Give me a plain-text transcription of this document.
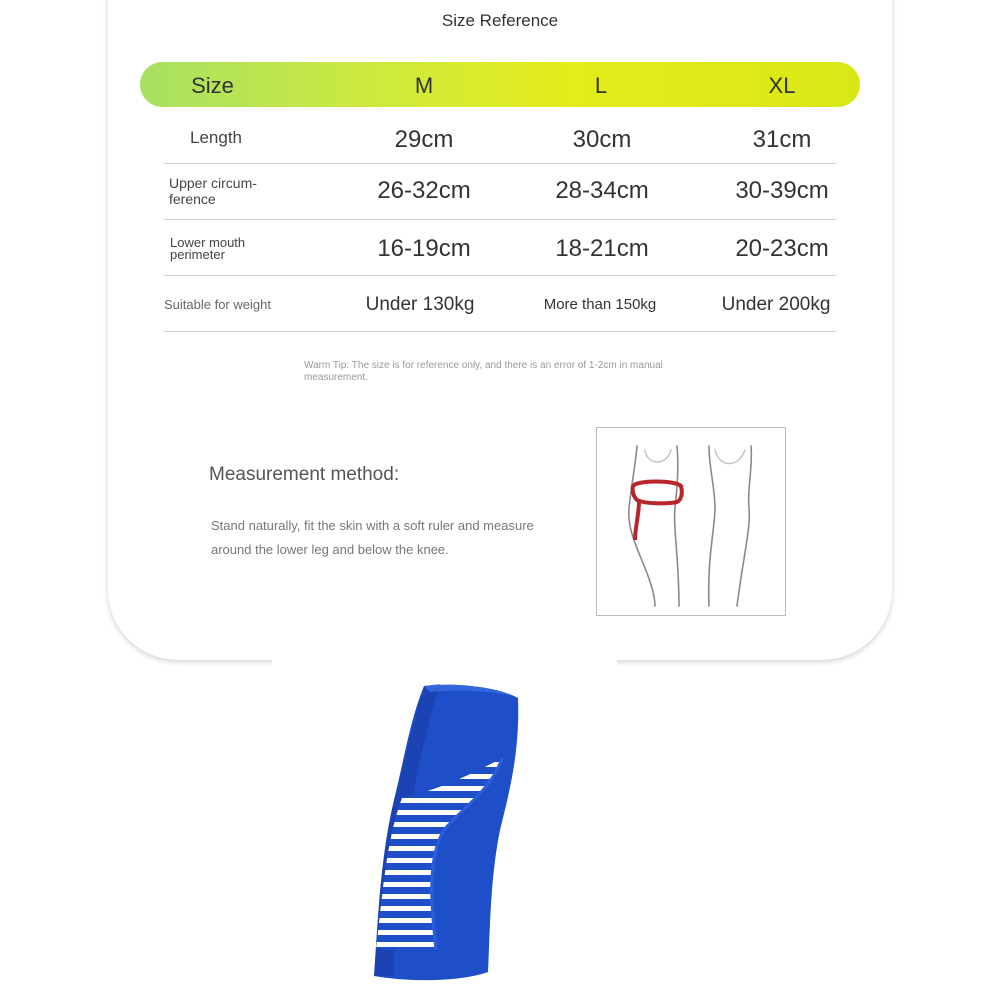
Size Reference
Size	M	L	XL
Length	29cm	30cm	31cm
Upper circum-
ference	26-32cm	28-34cm	30-39cm
Lower mouth
perimeter	16-19cm	18-21cm	20-23cm
Suitable for weight	Under 130kg	More than 150kg	Under 200kg
Warm Tip: The size is for reference only, and there is an error of 1-2cm in manual measurement.
Measurement method:
Stand naturally, fit the skin with a soft ruler and measure around the lower leg and below the knee.
